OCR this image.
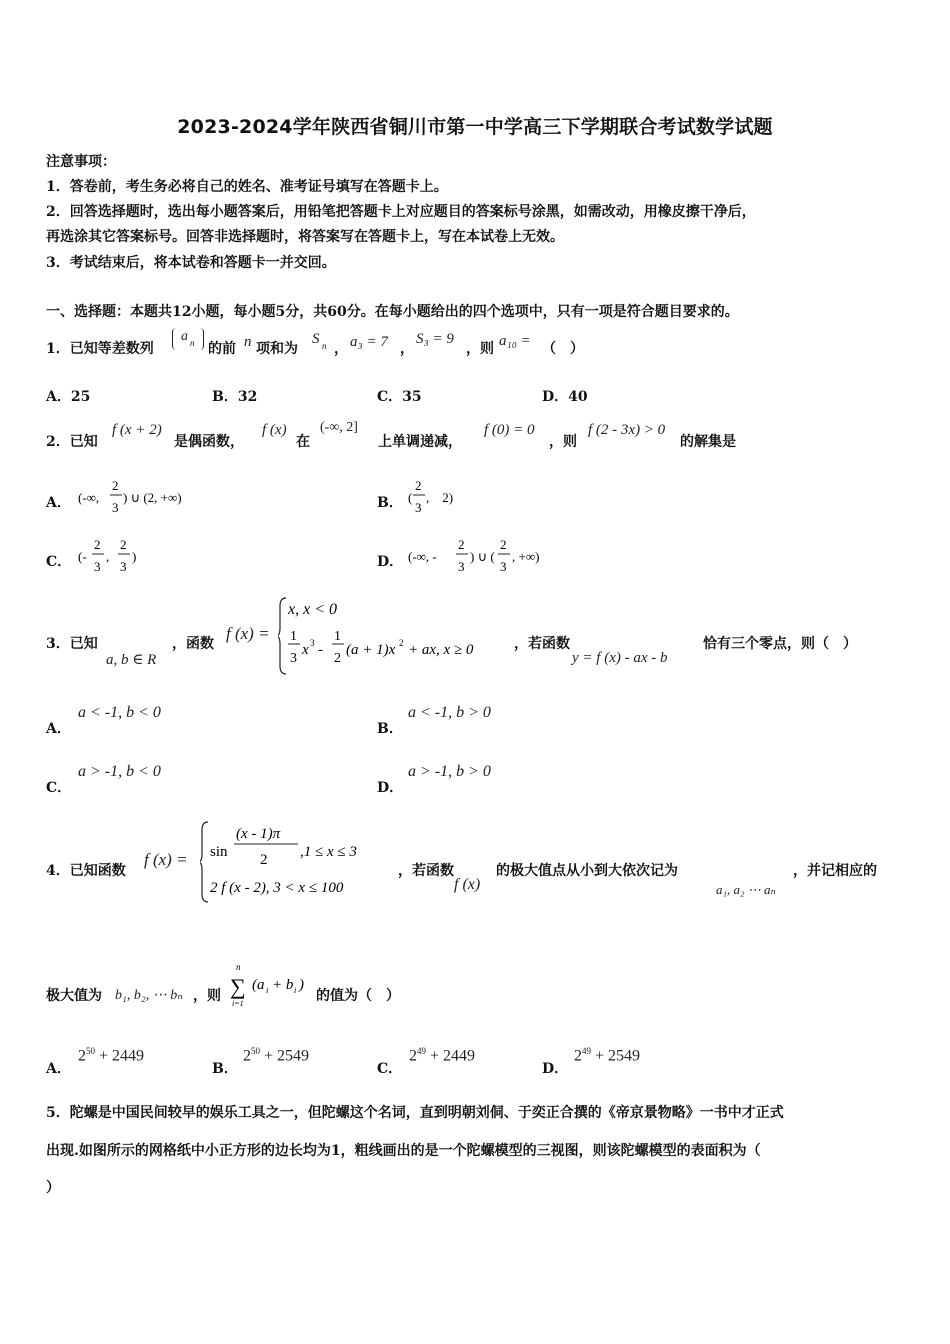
2023-2024学年陕西省铜川市第一中学高三下学期联合考试数学试题
注意事项：
1．答卷前，考生务必将自己的姓名、准考证号填写在答题卡上。
2．回答选择题时，选出每小题答案后，用铅笔把答题卡上对应题目的答案标号涂黑，如需改动，用橡皮擦干净后，
再选涂其它答案标号。回答非选择题时，将答案写在答题卡上，写在本试卷上无效。
3．考试结束后，将本试卷和答题卡一并交回。
一、选择题：本题共12小题，每小题5分，共60分。在每小题给出的四个选项中，只有一项是符合题目要求的。
1．已知等差数列
a n 的前 n 项和为
S n ， a₃ = 7 ，
S₃ = 9
，则 a₁₀ = （　）
A．25	B．32	C．35	D．40
2．已知
f (x + 2)
是偶函数，
f (x)
在
(-∞, 2]
上单调递减，
f (0) = 0
，则
f (2 - 3x) > 0
的解集是
A． (-∞,
2
3
) ∪ (2, +∞)	B． (
2
3
,　2)
C． (-
2
3
,
2
3
)	D． (-∞, -
2
3
) ∪ (
2
3
, +∞)
3．已知
a, b ∈ R
，函数
f (x) =
x, x < 0
1
3
x 3 -
1
2
(a + 1)x 2 + ax, x ≥ 0	，若函数
y = f (x) - ax - b
恰有三个零点，则（　）
A．
a < -1, b < 0
B．
a < -1, b > 0
C．
a > -1, b < 0
D．
a > -1, b > 0
4．已知函数
f (x) = sin
(x - 1)π
2 ,1 ≤ x ≤ 3
2 f (x - 2), 3 < x ≤ 100
，若函数
f (x)
的极大值点从小到大依次记为
a₁, a₂ ⋯ aₙ
，并记相应的
极大值为 b₁, b₂, ⋯ bₙ ，则
n
∑
i=1
(a i + b i )
的值为（　）
A．
$2^{50} + 2449$
B．
$2^{50} + 2549$
C．
$2^{49} + 2449$
D．
$2^{49} + 2549$
5．陀螺是中国民间较早的娱乐工具之一，但陀螺这个名词，直到明朝刘侗、于奕正合撰的《帝京景物略》一书中才正式
出现.如图所示的网格纸中小正方形的边长均为1，粗线画出的是一个陀螺模型的三视图，则该陀螺模型的表面积为（
）
